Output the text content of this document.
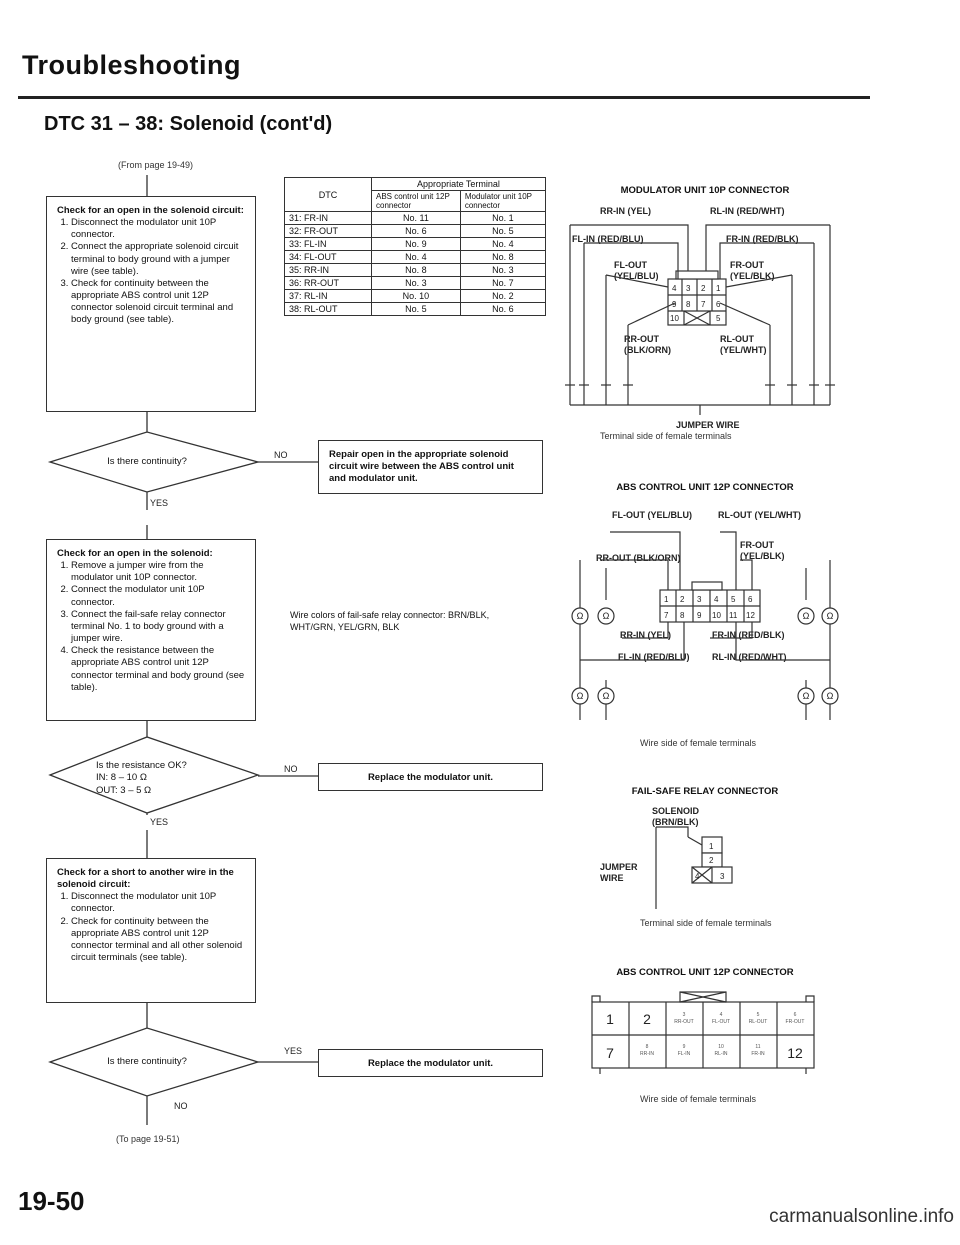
Troubleshooting
DTC 31 – 38: Solenoid (cont'd)
(From page 19-49)
Check for an open in the solenoid circuit:
1. Disconnect the modulator unit 10P connector.
2. Connect the appropriate solenoid circuit terminal to body ground with a jumper wire (see table).
3. Check for continuity between the appropriate ABS control unit 12P connector solenoid circuit terminal and body ground (see table).
Is there continuity?
NO
YES
Repair open in the appropriate solenoid circuit wire between the ABS control unit and modulator unit.
DTC	Appropriate Terminal	
	ABS control unit 12P connector	Modulator unit 10P connector
31: FR-IN	No. 11	No. 1
32: FR-OUT	No. 6	No. 5
33: FL-IN	No. 9	No. 4
34: FL-OUT	No. 4	No. 8
35: RR-IN	No. 8	No. 3
36: RR-OUT	No. 3	No. 7
37: RL-IN	No. 10	No. 2
38: RL-OUT	No. 5	No. 6
Check for an open in the solenoid:
1. Remove a jumper wire from the modulator unit 10P connector.
2. Connect the modulator unit 10P connector.
3. Connect the fail-safe relay connector terminal No. 1 to body ground with a jumper wire.
4. Check the resistance between the appropriate ABS control unit 12P connector terminal and body ground (see table).
Wire colors of fail-safe relay connector: BRN/BLK, WHT/GRN, YEL/GRN, BLK
Is the resistance OK?
IN: 8 – 10 Ω
OUT: 3 – 5 Ω
NO
YES
Replace the modulator unit.
Check for a short to another wire in the solenoid circuit:
1. Disconnect the modulator unit 10P connector.
2. Check for continuity between the appropriate ABS control unit 12P connector terminal and all other solenoid circuit terminals (see table).
Is there continuity?
YES
NO
Replace the modulator unit.
(To page 19-51)
MODULATOR UNIT 10P CONNECTOR
RR-IN (YEL)	RL-IN (RED/WHT)
FL-IN (RED/BLU)	FR-IN (RED/BLK)
FL-OUT
(YEL/BLU)
FR-OUT
(YEL/BLK)
RR-OUT
(BLK/ORN)
RL-OUT
(YEL/WHT)
4 3 2 1
9 8 7 6
10	5
JUMPER WIRE
Terminal side of female terminals
ABS CONTROL UNIT 12P CONNECTOR
FL-OUT (YEL/BLU)	RL-OUT (YEL/WHT)
RR-OUT (BLK/ORN)
FR-OUT
(YEL/BLK)
RR-IN (YEL)	FR-IN (RED/BLK)
FL-IN (RED/BLU)	RL-IN (RED/WHT)
1 2 3 4 5 6
7 8 9 10 11 12
Ω Ω	Ω Ω
Ω Ω	Ω Ω
Wire side of female terminals
FAIL-SAFE RELAY CONNECTOR
SOLENOID
(BRN/BLK)
JUMPER
WIRE
1
2
4	3
Terminal side of female terminals
ABS CONTROL UNIT 12P CONNECTOR
1 2
7	12
3
RR-OUT
4
FL-OUT
5
RL-OUT
6
FR-OUT
8
RR-IN
9
FL-IN
10
RL-IN
11
FR-IN
Wire side of female terminals
19-50
carmanualsonline.info
